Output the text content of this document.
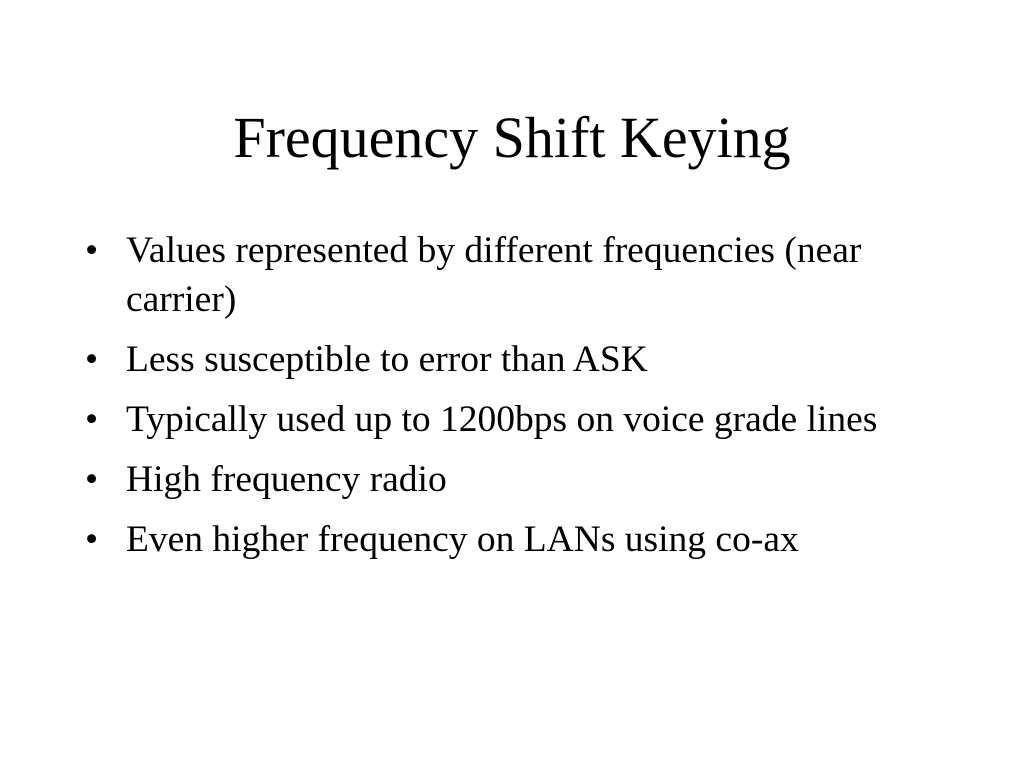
Frequency Shift Keying
• Values represented by different frequencies (near carrier)
• Less susceptible to error than ASK
• Typically used up to 1200bps on voice grade lines
• High frequency radio
• Even higher frequency on LANs using co-ax
